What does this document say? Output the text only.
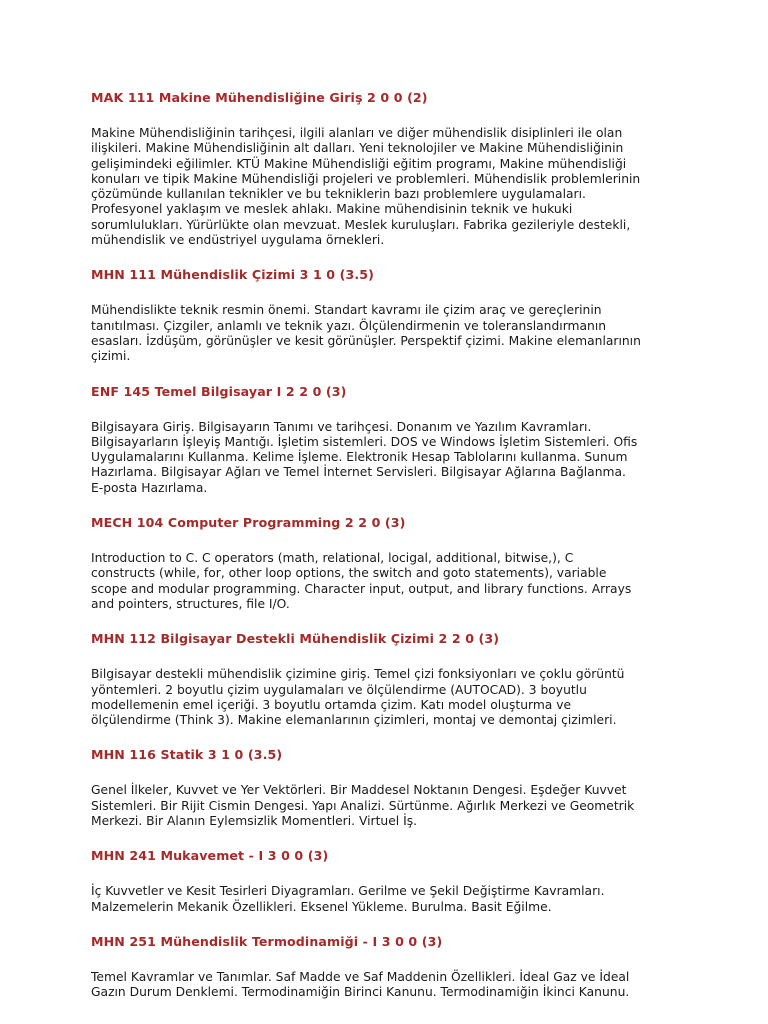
MAK 111 Makine Mühendisliğine Giriş 2 0 0 (2)
Makine Mühendisliğinin tarihçesi, ilgili alanları ve diğer mühendislik disiplinleri ile olan
ilişkileri. Makine Mühendisliğinin alt dalları. Yeni teknolojiler ve Makine Mühendisliğinin
gelişimindeki eğilimler. KTÜ Makine Mühendisliği eğitim programı, Makine mühendisliği
konuları ve tipik Makine Mühendisliği projeleri ve problemleri. Mühendislik problemlerinin
çözümünde kullanılan teknikler ve bu tekniklerin bazı problemlere uygulamaları.
Profesyonel yaklaşım ve meslek ahlakı. Makine mühendisinin teknik ve hukuki
sorumlulukları. Yürürlükte olan mevzuat. Meslek kuruluşları. Fabrika gezileriyle destekli,
mühendislik ve endüstriyel uygulama örnekleri.
MHN 111 Mühendislik Çizimi 3 1 0 (3.5)
Mühendislikte teknik resmin önemi. Standart kavramı ile çizim araç ve gereçlerinin
tanıtılması. Çizgiler, anlamlı ve teknik yazı. Ölçülendirmenin ve toleranslandırmanın
esasları. İzdüşüm, görünüşler ve kesit görünüşler. Perspektif çizimi. Makine elemanlarının
çizimi.
ENF 145 Temel Bilgisayar I 2 2 0 (3)
Bilgisayara Giriş. Bilgisayarın Tanımı ve tarihçesi. Donanım ve Yazılım Kavramları.
Bilgisayarların İşleyiş Mantığı. İşletim sistemleri. DOS ve Windows İşletim Sistemleri. Ofis
Uygulamalarını Kullanma. Kelime İşleme. Elektronik Hesap Tablolarını kullanma. Sunum
Hazırlama. Bilgisayar Ağları ve Temel İnternet Servisleri. Bilgisayar Ağlarına Bağlanma.
E-posta Hazırlama.
MECH 104 Computer Programming 2 2 0 (3)
Introduction to C. C operators (math, relational, locigal, additional, bitwise,), C
constructs (while, for, other loop options, the switch and goto statements), variable
scope and modular programming. Character input, output, and library functions. Arrays
and pointers, structures, file I/O.
MHN 112 Bilgisayar Destekli Mühendislik Çizimi 2 2 0 (3)
Bilgisayar destekli mühendislik çizimine giriş. Temel çizi fonksiyonları ve çoklu görüntü
yöntemleri. 2 boyutlu çizim uygulamaları ve ölçülendirme (AUTOCAD). 3 boyutlu
modellemenin emel içeriği. 3 boyutlu ortamda çizim. Katı model oluşturma ve
ölçülendirme (Think 3). Makine elemanlarının çizimleri, montaj ve demontaj çizimleri.
MHN 116 Statik 3 1 0 (3.5)
Genel İlkeler, Kuvvet ve Yer Vektörleri. Bir Maddesel Noktanın Dengesi. Eşdeğer Kuvvet
Sistemleri. Bir Rijit Cismin Dengesi. Yapı Analizi. Sürtünme. Ağırlık Merkezi ve Geometrik
Merkezi. Bir Alanın Eylemsizlik Momentleri. Virtuel İş.
MHN 241 Mukavemet - I 3 0 0 (3)
İç Kuvvetler ve Kesit Tesirleri Diyagramları. Gerilme ve Şekil Değiştirme Kavramları.
Malzemelerin Mekanik Özellikleri. Eksenel Yükleme. Burulma. Basit Eğilme.
MHN 251 Mühendislik Termodinamiği - I 3 0 0 (3)
Temel Kavramlar ve Tanımlar. Saf Madde ve Saf Maddenin Özellikleri. İdeal Gaz ve İdeal
Gazın Durum Denklemi. Termodinamiğin Birinci Kanunu. Termodinamiğin İkinci Kanunu.
